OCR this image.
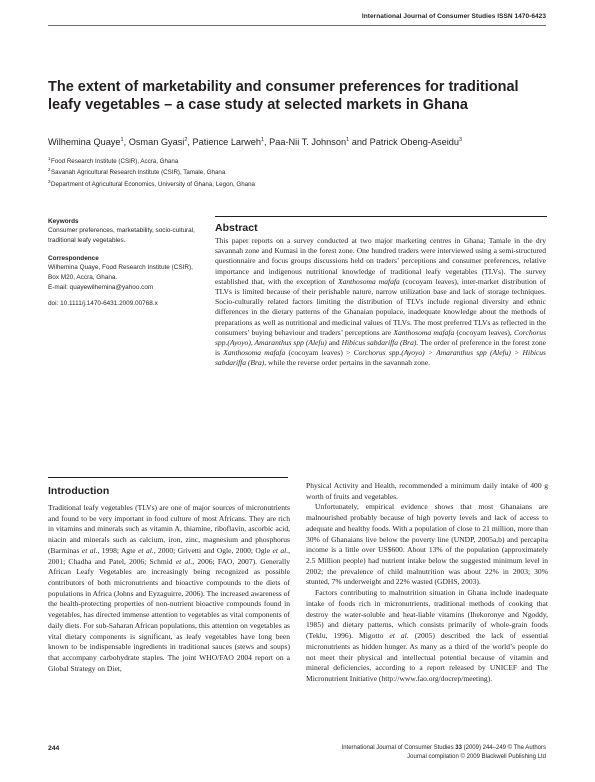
International Journal of Consumer Studies ISSN 1470-6423
The extent of marketability and consumer preferences for traditional leafy vegetables – a case study at selected markets in Ghana
Wilhemina Quaye$^1$, Osman Gyasi$^2$, Patience Larweh$^1$, Paa-Nii T. Johnson$^1$ and Patrick Obeng-Aseidu$^3$
$^1$Food Research Institute (CSIR), Accra, Ghana
$^2$Savanah Agricultural Research Institute (CSIR), Tamale, Ghana
$^3$Department of Agricultural Economics, University of Ghana, Legon, Ghana
Keywords
Consumer preferences, marketability, socio-cultural, traditional leafy vegetables.
Correspondence
Wilhemina Quaye, Food Research Institute (CSIR), Box M20, Accra, Ghana.
E-mail: quayewilhemina@yahoo.com
doi: 10.1111/j.1470-6431.2009.00768.x
Abstract
This paper reports on a survey conducted at two major marketing centres in Ghana; Tamale in the dry savannah zone and Kumasi in the forest zone. One hundred traders were interviewed using a semi-structured questionnaire and focus groups discussions held on traders’ perceptions and consumer preferences, relative importance and indigenous nutritional knowledge of traditional leafy vegetables (TLVs). The survey established that, with the exception of Xanthosoma mafafa (cocoyam leaves), inter-market distribution of TLVs is limited because of their perishable nature, narrow utilization base and lack of storage techniques. Socio-culturally related factors limiting the distribution of TLVs include regional diversity and ethnic differences in the dietary patterns of the Ghanaian populace, inadequate knowledge about the methods of preparations as well as nutritional and medicinal values of TLVs. The most preferred TLVs as reflected in the consumers’ buying behaviour and traders’ perceptions are Xanthosoma mafafa (cocoyam leaves), Corchorus spp.(Ayoyo), Amaranthus spp (Alefu) and Hibicus sabdariffa (Bra). The order of preference in the forest zone is Xanthosoma mafafa (cocoyam leaves) > Corchorus spp.(Ayoyo) > Amaranthus spp (Alefu) > Hibicus sabdariffa (Bra), while the reverse order pertains in the savannah zone.
Introduction

Traditional leafy vegetables (TLVs) are one of major sources of micronutrients and found to be very important in food culture of most Africans. They are rich in vitamins and minerals such as vitamin A, thiamine, riboflavin, ascorbic acid, niacin and minerals such as calcium, iron, zinc, magnesium and phosphorus (Barminas et al., 1998; Agte et al., 2000; Grivetti and Ogle, 2000; Ogle et al., 2001; Chadha and Patel, 2006; Schmid et al., 2006; FAO, 2007). Generally African Leafy Vegetables are increasingly being recognized as possible contributors of both micronutrients and bioactive compounds to the diets of populations in Africa (Johns and Eyzaguirre, 2006). The increased awareness of the health-protecting properties of non-nutrient bioactive compounds found in vegetables, has directed immense attention to vegetables as vital components of daily diets. For sub-Saharan African populations, this attention on vegetables as vital dietary components is significant, as leafy vegetables have long been known to be indispensable ingredients in traditional sauces (stews and soups) that accompany carbohydrate staples. The joint WHO/FAO 2004 report on a Global Strategy on Diet,

Physical Activity and Health, recommended a minimum daily intake of 400 g worth of fruits and vegetables.

Unfortunately, empirical evidence shows that most Ghanaians are malnourished probably because of high poverty levels and lack of access to adequate and healthy foods. With a population of close to 21 million, more than 30% of Ghanaians live below the poverty line (UNDP, 2005a,b) and percapita income is a little over US$600. About 13% of the population (approximately 2.5 Million people) had nutrient intake below the suggested minimum level in 2002; the prevalence of child malnutrition was about 22% in 2003; 30% stunted, 7% underweight and 22% wasted (GDHS, 2003).

Factors contributing to malnutrition situation in Ghana include inadequate intake of foods rich in micronutrients, traditional methods of cooking that destroy the water-soluble and heat-liable vitamins (Ihekoronye and Ngoddy, 1985) and dietary patterns, which consists primarily of whole-grain foods (Teklu, 1996). Migotto et al. (2005) described the lack of essential micronutrients as hidden hunger. As many as a third of the world’s people do not meet their physical and intellectual potential because of vitamin and mineral deficiencies, according to a report released by UNICEF and The Micronutrient Initiative (http://www.fao.org/docrep/meeting).

244	International Journal of Consumer Studies 33 (2009) 244–249 © The Authors
Journal compilation © 2009 Blackwell Publishing Ltd
